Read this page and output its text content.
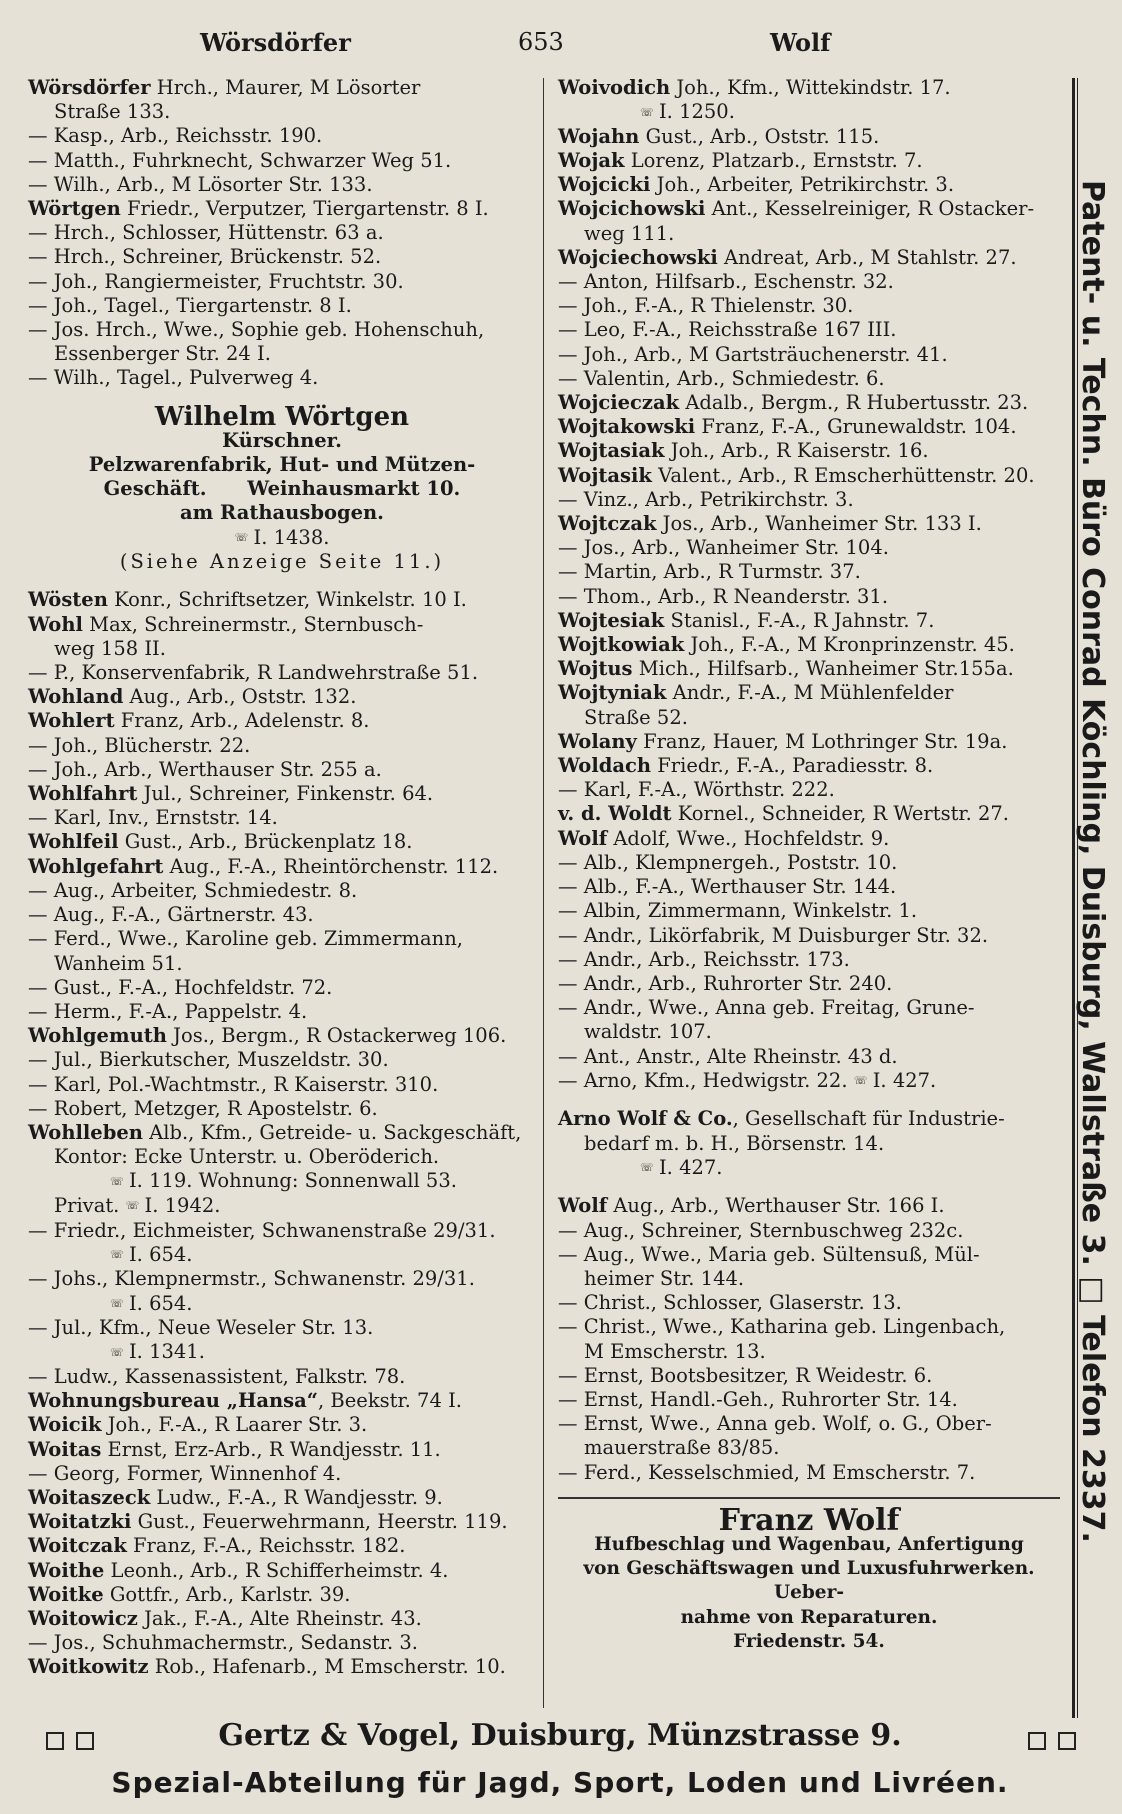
Wörsdörfer	653	Wolf
Wörsdörfer Hrch., Maurer, M Lösorter
Straße 133.
— Kasp., Arb., Reichsstr. 190.
— Matth., Fuhrknecht, Schwarzer Weg 51.
— Wilh., Arb., M Lösorter Str. 133.
Wörtgen Friedr., Verputzer, Tiergartenstr. 8 I.
— Hrch., Schlosser, Hüttenstr. 63 a.
— Hrch., Schreiner, Brückenstr. 52.
— Joh., Rangiermeister, Fruchtstr. 30.
— Joh., Tagel., Tiergartenstr. 8 I.
— Jos. Hrch., Wwe., Sophie geb. Hohenschuh,
Essenberger Str. 24 I.
— Wilh., Tagel., Pulverweg 4.
Wilhelm Wörtgen
Kürschner.
Pelzwarenfabrik, Hut- und Mützen-
Geschäft.      Weinhausmarkt 10.
am Rathausbogen.
☏ I. 1438.
(Siehe Anzeige Seite 11.)
Wösten Konr., Schriftsetzer, Winkelstr. 10 I.
Wohl Max, Schreinermstr., Sternbusch-
weg 158 II.
— P., Konservenfabrik, R Landwehrstraße 51.
Wohland Aug., Arb., Oststr. 132.
Wohlert Franz, Arb., Adelenstr. 8.
— Joh., Blücherstr. 22.
— Joh., Arb., Werthauser Str. 255 a.
Wohlfahrt Jul., Schreiner, Finkenstr. 64.
— Karl, Inv., Ernststr. 14.
Wohlfeil Gust., Arb., Brückenplatz 18.
Wohlgefahrt Aug., F.-A., Rheintörchenstr. 112.
— Aug., Arbeiter, Schmiedestr. 8.
— Aug., F.-A., Gärtnerstr. 43.
— Ferd., Wwe., Karoline geb. Zimmermann,
Wanheim 51.
— Gust., F.-A., Hochfeldstr. 72.
— Herm., F.-A., Pappelstr. 4.
Wohlgemuth Jos., Bergm., R Ostackerweg 106.
— Jul., Bierkutscher, Muszeldstr. 30.
— Karl, Pol.-Wachtmstr., R Kaiserstr. 310.
— Robert, Metzger, R Apostelstr. 6.
Wohlleben Alb., Kfm., Getreide- u. Sackgeschäft,
Kontor: Ecke Unterstr. u. Oberöderich.
☏ I. 119. Wohnung: Sonnenwall 53.
Privat. ☏ I. 1942.
— Friedr., Eichmeister, Schwanenstraße 29/31.
☏ I. 654.
— Johs., Klempnermstr., Schwanenstr. 29/31.
☏ I. 654.
— Jul., Kfm., Neue Weseler Str. 13.
☏ I. 1341.
— Ludw., Kassenassistent, Falkstr. 78.
Wohnungsbureau „Hansa“, Beekstr. 74 I.
Woicik Joh., F.-A., R Laarer Str. 3.
Woitas Ernst, Erz-Arb., R Wandjesstr. 11.
— Georg, Former, Winnenhof 4.
Woitaszeck Ludw., F.-A., R Wandjesstr. 9.
Woitatzki Gust., Feuerwehrmann, Heerstr. 119.
Woitczak Franz, F.-A., Reichsstr. 182.
Woithe Leonh., Arb., R Schifferheimstr. 4.
Woitke Gottfr., Arb., Karlstr. 39.
Woitowicz Jak., F.-A., Alte Rheinstr. 43.
— Jos., Schuhmachermstr., Sedanstr. 3.
Woitkowitz Rob., Hafenarb., M Emscherstr. 10.
Woivodich Joh., Kfm., Wittekindstr. 17.
☏ I. 1250.
Wojahn Gust., Arb., Oststr. 115.
Wojak Lorenz, Platzarb., Ernststr. 7.
Wojcicki Joh., Arbeiter, Petrikirchstr. 3.
Wojcichowski Ant., Kesselreiniger, R Ostacker-
weg 111.
Wojciechowski Andreat, Arb., M Stahlstr. 27.
— Anton, Hilfsarb., Eschenstr. 32.
— Joh., F.-A., R Thielenstr. 30.
— Leo, F.-A., Reichsstraße 167 III.
— Joh., Arb., M Gartsträuchenerstr. 41.
— Valentin, Arb., Schmiedestr. 6.
Wojcieczak Adalb., Bergm., R Hubertusstr. 23.
Wojtakowski Franz, F.-A., Grunewaldstr. 104.
Wojtasiak Joh., Arb., R Kaiserstr. 16.
Wojtasik Valent., Arb., R Emscherhüttenstr. 20.
— Vinz., Arb., Petrikirchstr. 3.
Wojtczak Jos., Arb., Wanheimer Str. 133 I.
— Jos., Arb., Wanheimer Str. 104.
— Martin, Arb., R Turmstr. 37.
— Thom., Arb., R Neanderstr. 31.
Wojtesiak Stanisl., F.-A., R Jahnstr. 7.
Wojtkowiak Joh., F.-A., M Kronprinzenstr. 45.
Wojtus Mich., Hilfsarb., Wanheimer Str.155a.
Wojtyniak Andr., F.-A., M Mühlenfelder
Straße 52.
Wolany Franz, Hauer, M Lothringer Str. 19a.
Woldach Friedr., F.-A., Paradiesstr. 8.
— Karl, F.-A., Wörthstr. 222.
v. d. Woldt Kornel., Schneider, R Wertstr. 27.
Wolf Adolf, Wwe., Hochfeldstr. 9.
— Alb., Klempnergeh., Poststr. 10.
— Alb., F.-A., Werthauser Str. 144.
— Albin, Zimmermann, Winkelstr. 1.
— Andr., Likörfabrik, M Duisburger Str. 32.
— Andr., Arb., Reichsstr. 173.
— Andr., Arb., Ruhrorter Str. 240.
— Andr., Wwe., Anna geb. Freitag, Grune-
waldstr. 107.
— Ant., Anstr., Alte Rheinstr. 43 d.
— Arno, Kfm., Hedwigstr. 22. ☏ I. 427.
Arno Wolf & Co., Gesellschaft für Industrie-
bedarf m. b. H., Börsenstr. 14.
☏ I. 427.
Wolf Aug., Arb., Werthauser Str. 166 I.
— Aug., Schreiner, Sternbuschweg 232c.
— Aug., Wwe., Maria geb. Sültensuß, Mül-
heimer Str. 144.
— Christ., Schlosser, Glaserstr. 13.
— Christ., Wwe., Katharina geb. Lingenbach,
M Emscherstr. 13.
— Ernst, Bootsbesitzer, R Weidestr. 6.
— Ernst, Handl.-Geh., Ruhrorter Str. 14.
— Ernst, Wwe., Anna geb. Wolf, o. G., Ober-
mauerstraße 83/85.
— Ferd., Kesselschmied, M Emscherstr. 7.
Franz Wolf
Hufbeschlag und Wagenbau, Anfertigung
von Geschäftswagen und Luxusfuhrwerken. Ueber-
nahme von Reparaturen.
Friedenstr. 54.
Patent- u. Techn. Büro Conrad Köchling, Duisburg, Wallstraße 3. □ Telefon 2337.
Gertz & Vogel, Duisburg, Münzstrasse 9.
Spezial-Abteilung für Jagd, Sport, Loden und Livréen.
